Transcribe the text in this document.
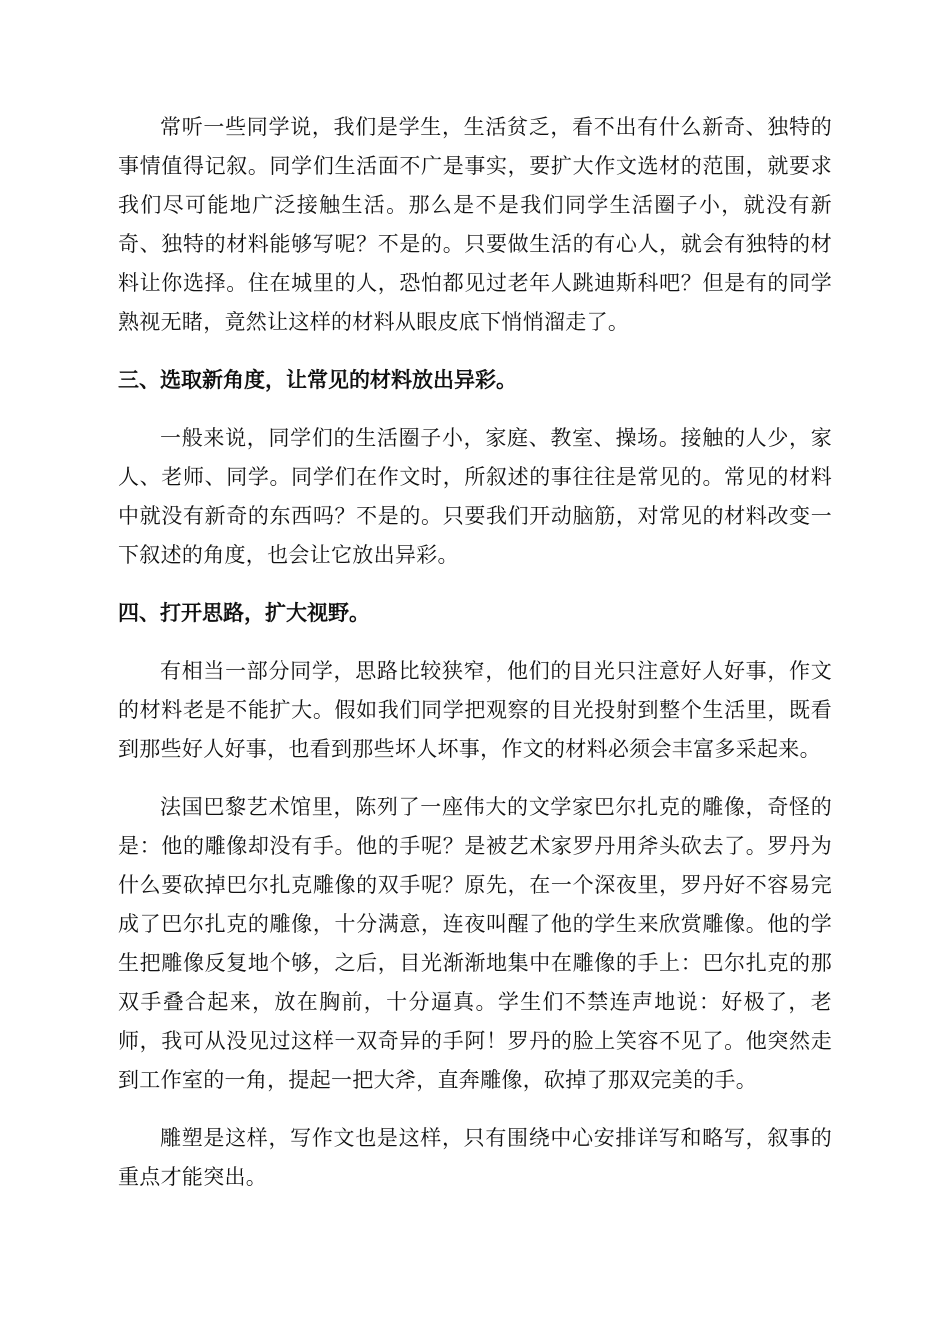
常听一些同学说，我们是学生，生活贫乏，看不出有什么新奇、独特的事情值得记叙。同学们生活面不广是事实，要扩大作文选材的范围，就要求我们尽可能地广泛接触生活。那么是不是我们同学生活圈子小，就没有新奇、独特的材料能够写呢？不是的。只要做生活的有心人，就会有独特的材料让你选择。住在城里的人，恐怕都见过老年人跳迪斯科吧？但是有的同学熟视无睹，竟然让这样的材料从眼皮底下悄悄溜走了。

三、选取新角度，让常见的材料放出异彩。

一般来说，同学们的生活圈子小，家庭、教室、操场。接触的人少，家人、老师、同学。同学们在作文时，所叙述的事往往是常见的。常见的材料中就没有新奇的东西吗？不是的。只要我们开动脑筋，对常见的材料改变一下叙述的角度，也会让它放出异彩。

四、打开思路，扩大视野。

有相当一部分同学，思路比较狭窄，他们的目光只注意好人好事，作文的材料老是不能扩大。假如我们同学把观察的目光投射到整个生活里，既看到那些好人好事，也看到那些坏人坏事，作文的材料必须会丰富多采起来。

法国巴黎艺术馆里，陈列了一座伟大的文学家巴尔扎克的雕像，奇怪的是：他的雕像却没有手。他的手呢？是被艺术家罗丹用斧头砍去了。罗丹为什么要砍掉巴尔扎克雕像的双手呢？原先，在一个深夜里，罗丹好不容易完成了巴尔扎克的雕像，十分满意，连夜叫醒了他的学生来欣赏雕像。他的学生把雕像反复地个够，之后，目光渐渐地集中在雕像的手上：巴尔扎克的那双手叠合起来，放在胸前，十分逼真。学生们不禁连声地说：好极了，老师，我可从没见过这样一双奇异的手阿！罗丹的脸上笑容不见了。他突然走到工作室的一角，提起一把大斧，直奔雕像，砍掉了那双完美的手。

雕塑是这样，写作文也是这样，只有围绕中心安排详写和略写，叙事的重点才能突出。
